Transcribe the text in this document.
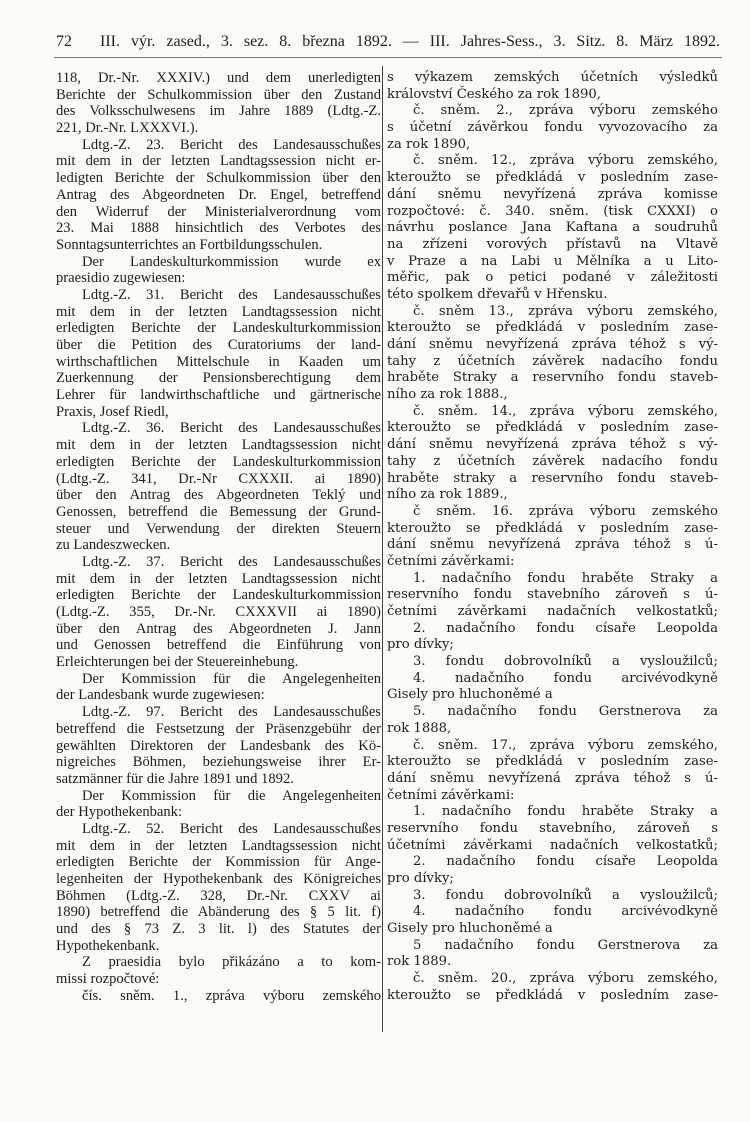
72 III. výr. zased., 3. sez. 8. března 1892. — III. Jahres-Sess., 3. Sitz. 8. März 1892.
118, Dr.-Nr. XXXIV.) und dem unerledigten
Berichte der Schulkommission über den Zustand
des Volksschulwesens im Jahre 1889 (Ldtg.-Z.
221, Dr.-Nr. LXXXVI.).
Ldtg.-Z. 23. Bericht des Landesausschußes
mit dem in der letzten Landtagssession nicht er-
ledigten Berichte der Schulkommission über den
Antrag des Abgeordneten Dr. Engel, betreffend
den Widerruf der Ministerialverordnung vom
23. Mai 1888 hinsichtlich des Verbotes des
Sonntagsunterrichtes an Fortbildungsschulen.
Der Landeskulturkommission wurde ex
praesidio zugewiesen:
Ldtg.-Z. 31. Bericht des Landesausschußes
mit dem in der letzten Landtagssession nicht
erledigten Berichte der Landeskulturkommission
über die Petition des Curatoriums der land-
wirthschaftlichen Mittelschule in Kaaden um
Zuerkennung der Pensionsberechtigung dem
Lehrer für landwirthschaftliche und gärtnerische
Praxis, Josef Riedl,
Ldtg.-Z. 36. Bericht des Landesausschußes
mit dem in der letzten Landtagssession nicht
erledigten Berichte der Landeskulturkommission
(Ldtg.-Z. 341, Dr.-Nr CXXXII. ai 1890)
über den Antrag des Abgeordneten Teklý und
Genossen, betreffend die Bemessung der Grund-
steuer und Verwendung der direkten Steuern
zu Landeszwecken.
Ldtg.-Z. 37. Bericht des Landesausschußes
mit dem in der letzten Landtagssession nicht
erledigten Berichte der Landeskulturkommission
(Ldtg.-Z. 355, Dr.-Nr. CXXXVII ai 1890)
über den Antrag des Abgeordneten J. Jann
und Genossen betreffend die Einführung von
Erleichterungen bei der Steuereinhebung.
Der Kommission für die Angelegenheiten
der Landesbank wurde zugewiesen:
Ldtg.-Z. 97. Bericht des Landesausschußes
betreffend die Festsetzung der Präsenzgebühr der
gewählten Direktoren der Landesbank des Kö-
nigreiches Böhmen, beziehungsweise ihrer Er-
satzmänner für die Jahre 1891 und 1892.
Der Kommission für die Angelegenheiten
der Hypothekenbank:
Ldtg.-Z. 52. Bericht des Landesausschußes
mit dem in der letzten Landtagssession nicht
erledigten Berichte der Kommission für Ange-
legenheiten der Hypothekenbank des Königreiches
Böhmen (Ldtg.-Z. 328, Dr.-Nr. CXXV ai
1890) betreffend die Abänderung des § 5 lit. f)
und des § 73 Z. 3 lit. l) des Statutes der
Hypothekenbank.
Z praesidia bylo přikázáno a to kom-
missi rozpočtové:
čís. sněm. 1., zpráva výboru zemského
s výkazem zemských účetních výsledků
království Českého za rok 1890,
č. sněm. 2., zpráva výboru zemského
s účetní závěrkou fondu vyvozovacího za
za rok 1890,
č. sněm. 12., zpráva výboru zemského,
kteroužto se předkládá v posledním zase-
dání sněmu nevyřízená zpráva komisse
rozpočtové: č. 340. sněm. (tisk CXXXI) o
návrhu poslance Jana Kaftana a soudruhů
na zřízeni vorových přístavů na Vltavě
v Praze a na Labi u Mělníka a u Lito-
měřic, pak o petici podané v záležitosti
této spolkem dřevařů v Hřensku.
č. sněm 13., zpráva výboru zemského,
kteroužto se předkládá v posledním zase-
dání sněmu nevyřízená zpráva téhož s vý-
tahy z účetních závěrek nadacího fondu
hraběte Straky a reservního fondu staveb-
ního za rok 1888.,
č. sněm. 14., zpráva výboru zemského,
kteroužto se předkládá v posledním zase-
dání sněmu nevyřízená zpráva téhož s vý-
tahy z účetních závěrek nadacího fondu
hraběte straky a reservního fondu staveb-
ního za rok 1889.,
č sněm. 16. zpráva výboru zemského
kteroužto se předkládá v posledním zase-
dání sněmu nevyřízená zpráva téhož s ú-
četními závěrkami:
1. nadačního fondu hraběte Straky a
reservního fondu stavebního zároveň s ú-
četními závěrkami nadačních velkostatků;
2. nadačního fondu císaře Leopolda
pro dívky;
3. fondu dobrovolníků a vysloužilců;
4. nadačního fondu arcivévodkyně
Gisely pro hluchoněmé a
5. nadačního fondu Gerstnerova za
rok 1888,
č. sněm. 17., zpráva výboru zemského,
kteroužto se předkládá v posledním zase-
dání sněmu nevyřízená zpráva téhož s ú-
četními závěrkami:
1. nadačního fondu hraběte Straky a
reservního fondu stavebního, zároveň s
účetními závěrkami nadačních velkostatků;
2. nadačního fondu císaře Leopolda
pro dívky;
3. fondu dobrovolníků a vysloužilců;
4. nadačního fondu arcivévodkyně
Gisely pro hluchoněmé a
5 nadačního fondu Gerstnerova za
rok 1889.
č. sněm. 20., zpráva výboru zemského,
kteroužto se předkládá v posledním zase-
